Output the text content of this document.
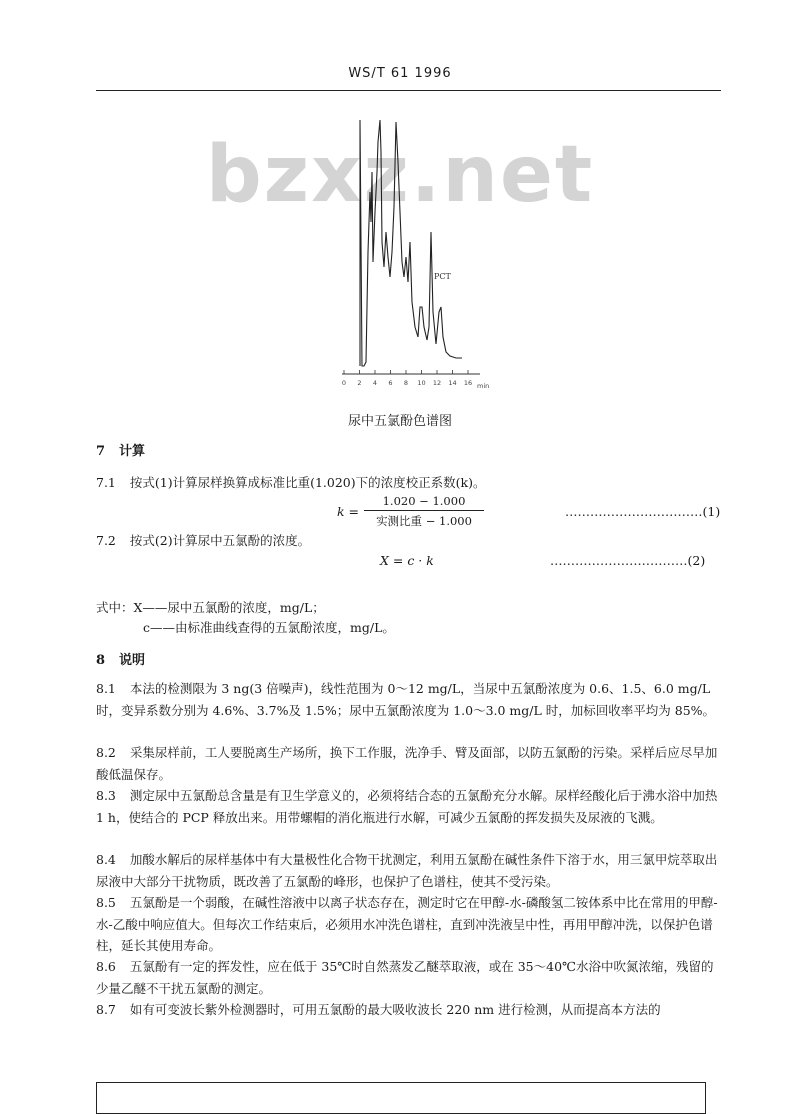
WS/T 61 1996
bzxz.net
0 2 4 6 8 10 12 14 16 min
PCT
尿中五氯酚色谱图
7 计算
7.1 按式(1)计算尿样换算成标准比重(1.020)下的浓度校正系数(k)。
k =
1.020 − 1.000
实测比重 − 1.000
……………………………(1)
7.2 按式(2)计算尿中五氯酚的浓度。
X = c · k	……………………………(2)
式中：X——尿中五氯酚的浓度，mg/L；
c——由标准曲线查得的五氯酚浓度，mg/L。
8 说明
8.1 本法的检测限为 3 ng(3 倍噪声)，线性范围为 0～12 mg/L，当尿中五氯酚浓度为 0.6、1.5、6.0 mg/L 时，变异系数分别为 4.6%、3.7%及 1.5%；尿中五氯酚浓度为 1.0～3.0 mg/L 时，加标回收率平均为 85%。
8.2 采集尿样前，工人要脱离生产场所，换下工作服，洗净手、臂及面部，以防五氯酚的污染。采样后应尽早加酸低温保存。
8.3 测定尿中五氯酚总含量是有卫生学意义的，必须将结合态的五氯酚充分水解。尿样经酸化后于沸水浴中加热 1 h，使结合的 PCP 释放出来。用带螺帽的消化瓶进行水解，可减少五氯酚的挥发损失及尿液的飞溅。
8.4 加酸水解后的尿样基体中有大量极性化合物干扰测定，利用五氯酚在碱性条件下溶于水，用三氯甲烷萃取出尿液中大部分干扰物质，既改善了五氯酚的峰形，也保护了色谱柱，使其不受污染。
8.5 五氯酚是一个弱酸，在碱性溶液中以离子状态存在，测定时它在甲醇-水-磷酸氢二铵体系中比在常用的甲醇-水-乙酸中响应值大。但每次工作结束后，必须用水冲洗色谱柱，直到冲洗液呈中性，再用甲醇冲洗，以保护色谱柱，延长其使用寿命。
8.6 五氯酚有一定的挥发性，应在低于 35℃时自然蒸发乙醚萃取液，或在 35～40℃水浴中吹氮浓缩，残留的少量乙醚不干扰五氯酚的测定。
8.7 如有可变波长紫外检测器时，可用五氯酚的最大吸收波长 220 nm 进行检测，从而提高本方法的
